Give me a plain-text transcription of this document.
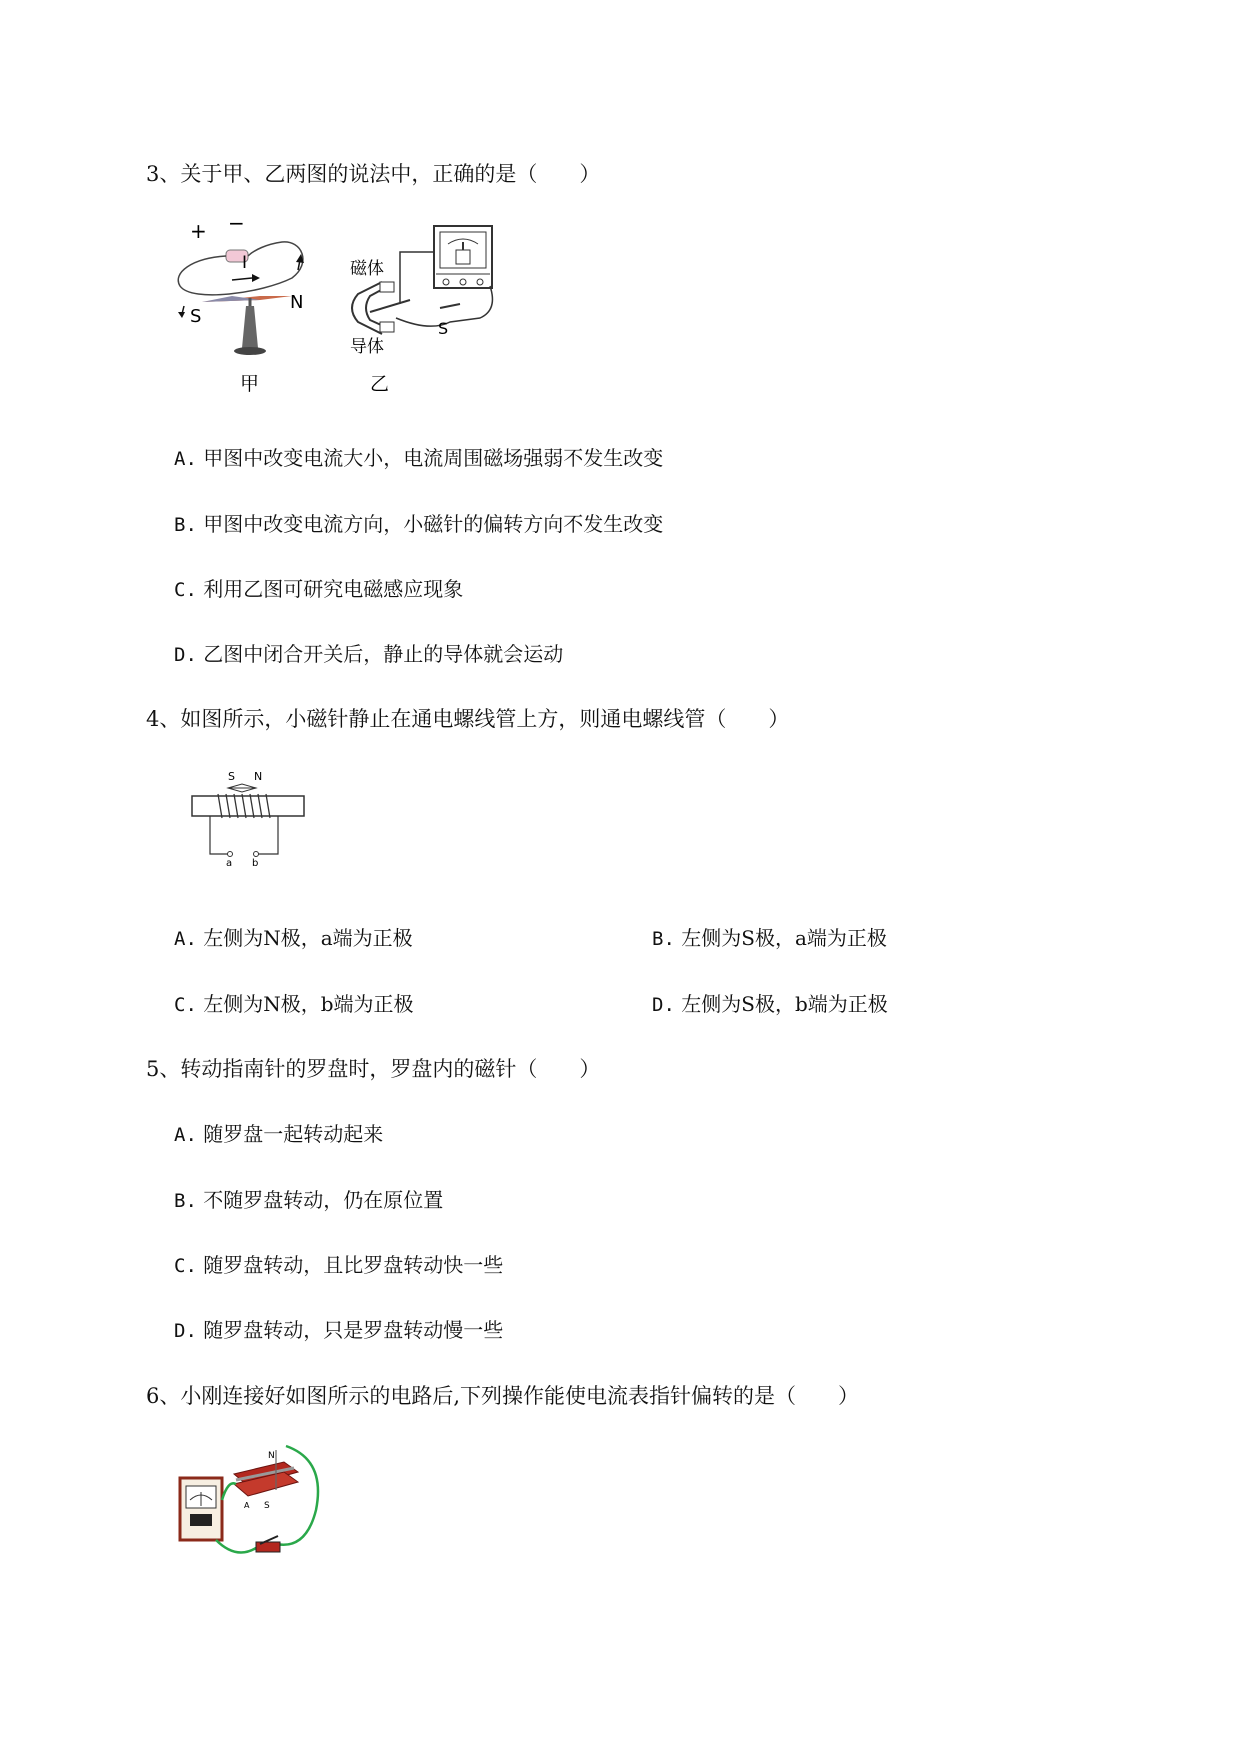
3、关于甲、乙两图的说法中，正确的是（　　）
+ −
I
S
N
甲
磁体
导体
S
乙
A. 甲图中改变电流大小，电流周围磁场强弱不发生改变
B. 甲图中改变电流方向，小磁针的偏转方向不发生改变
C. 利用乙图可研究电磁感应现象
D. 乙图中闭合开关后，静止的导体就会运动
4、如图所示，小磁针静止在通电螺线管上方，则通电螺线管（　　）
S N
a b
A. 左侧为N极，a端为正极	B. 左侧为S极，a端为正极
C. 左侧为N极，b端为正极	D. 左侧为S极，b端为正极
5、转动指南针的罗盘时，罗盘内的磁针（　　）
A. 随罗盘一起转动起来
B. 不随罗盘转动，仍在原位置
C. 随罗盘转动，且比罗盘转动快一些
D. 随罗盘转动，只是罗盘转动慢一些
6、小刚连接好如图所示的电路后,下列操作能使电流表指针偏转的是（　　）
N
S
A
